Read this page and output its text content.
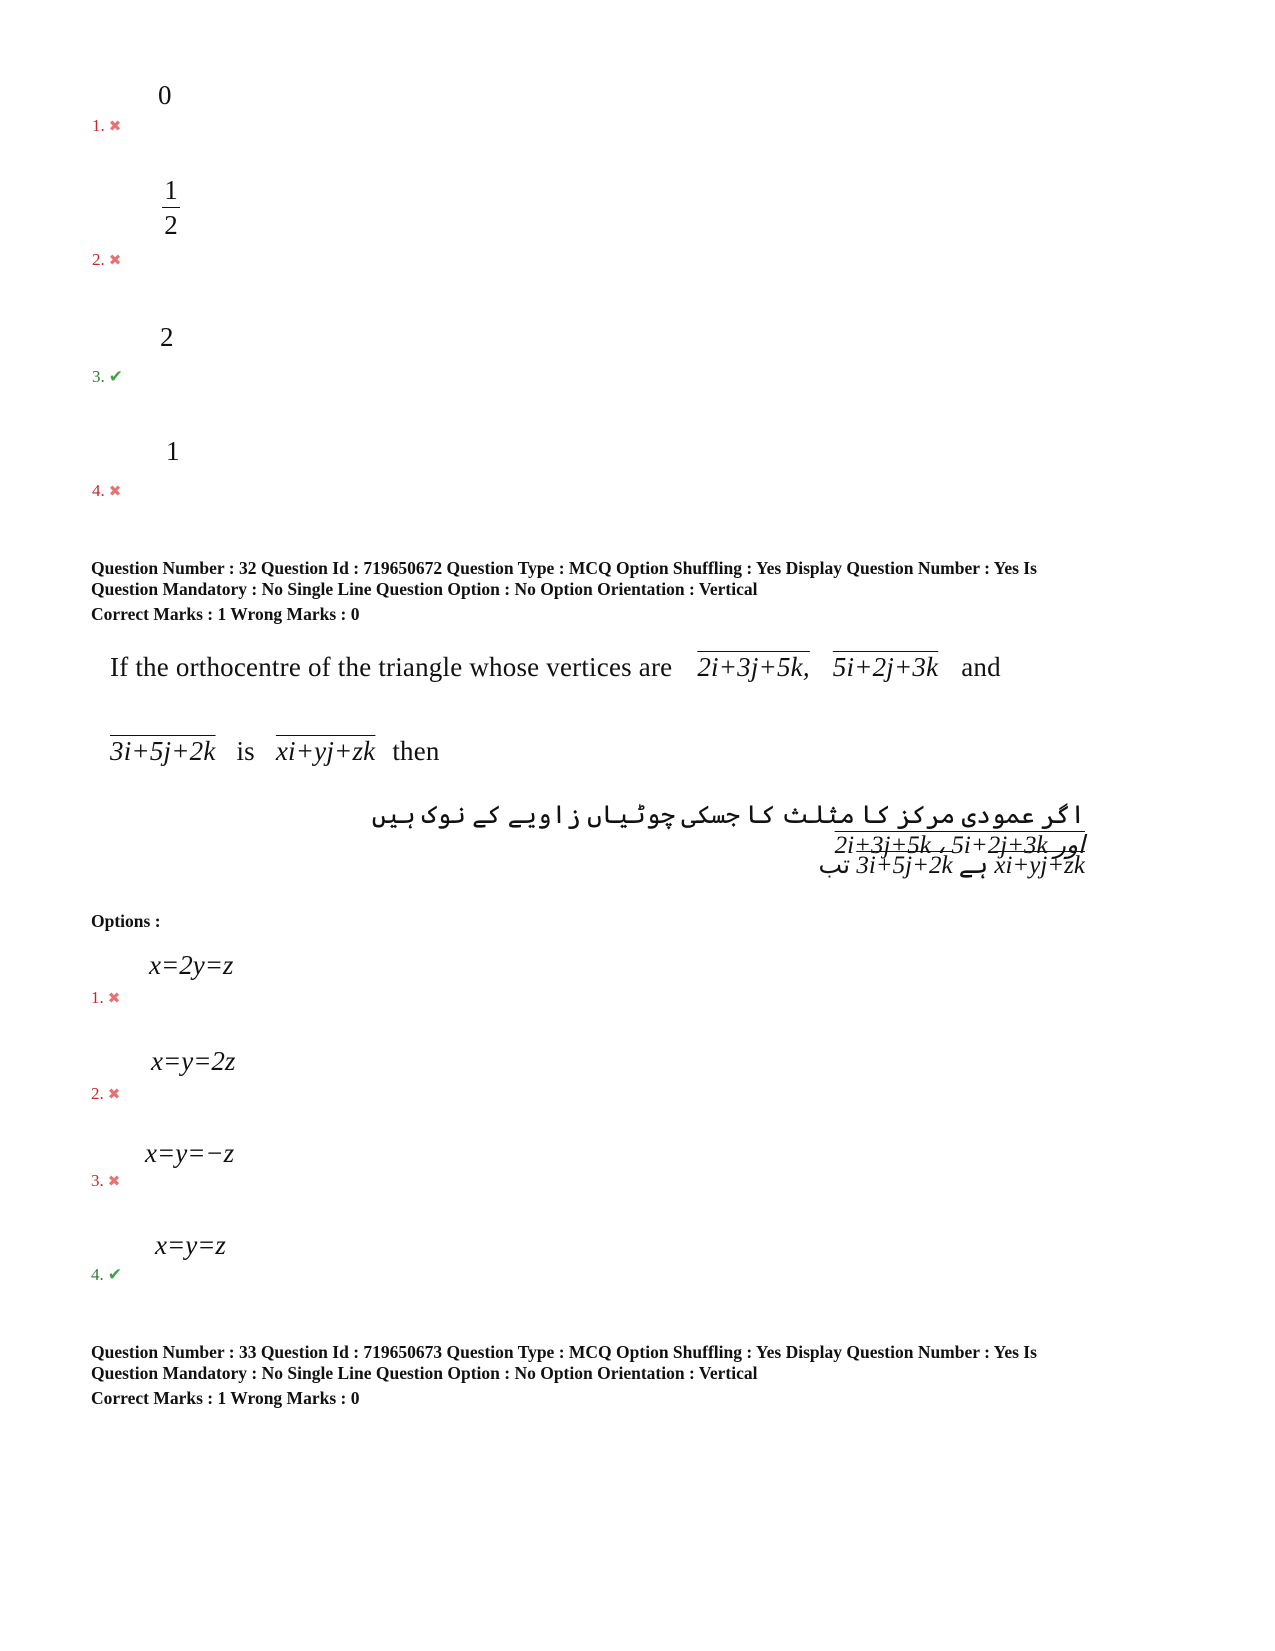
0
1. ✖
1
2
2. ✖
2
3. ✔
1
4. ✖
Question Number : 32 Question Id : 719650672 Question Type : MCQ Option Shuffling : Yes Display Question Number : Yes Is
Question Mandatory : No Single Line Question Option : No Option Orientation : Vertical
Correct Marks : 1 Wrong Marks : 0
If the orthocentre of the triangle whose vertices are 2i+3j+5k, 5i+2j+3k and
3i+5j+2k is xi+yj+zk then
اگر عمودی مرکز کا مثلث کا جسکی چوٹیاں زاویے کے نوک ہیں 2i+3j+5k ، 5i+2j+3k اور
xi+yj+zk ہے 3i+5j+2k تب
Options :
x=2y=z
1. ✖
x=y=2z
2. ✖
x=y=−z
3. ✖
x=y=z
4. ✔
Question Number : 33 Question Id : 719650673 Question Type : MCQ Option Shuffling : Yes Display Question Number : Yes Is
Question Mandatory : No Single Line Question Option : No Option Orientation : Vertical
Correct Marks : 1 Wrong Marks : 0
